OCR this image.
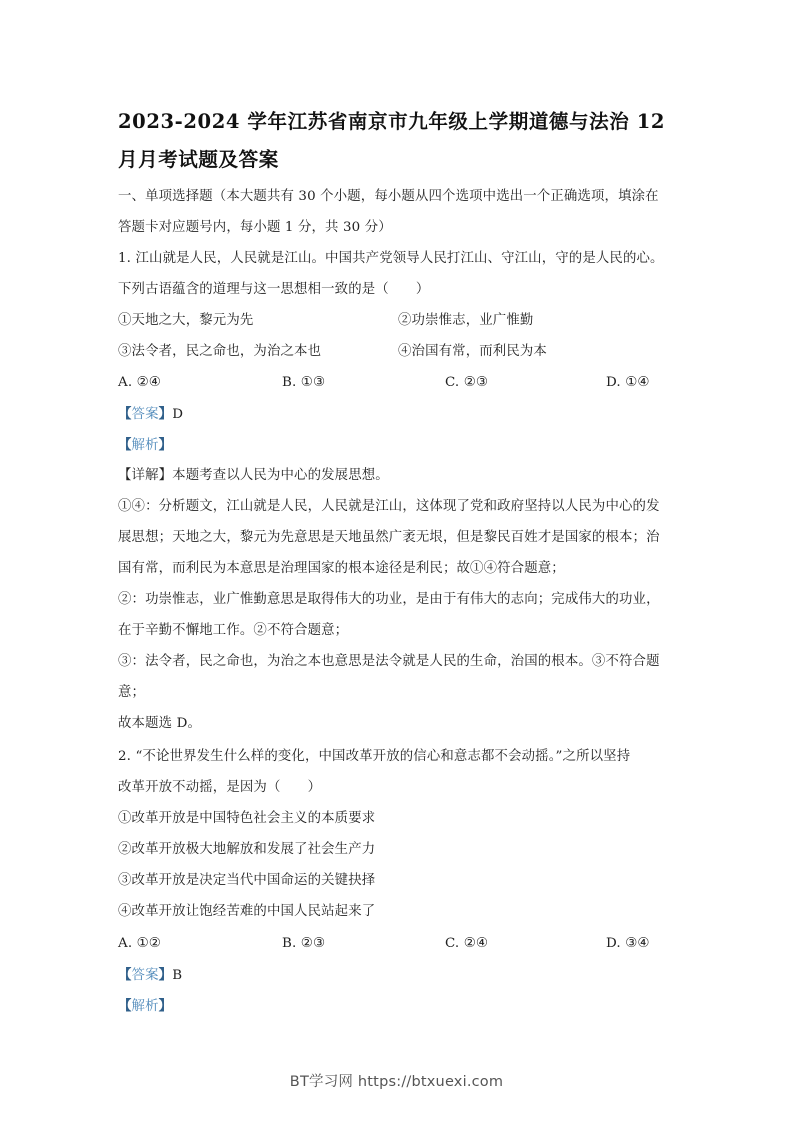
2023-2024 学年江苏省南京市九年级上学期道德与法治 12
月月考试题及答案
一、单项选择题（本大题共有 30 个小题，每小题从四个选项中选出一个正确选项，填涂在
答题卡对应题号内，每小题 1 分，共 30 分）
1. 江山就是人民，人民就是江山。中国共产党领导人民打江山、守江山，守的是人民的心。
下列古语蕴含的道理与这一思想相一致的是（　　）
①天地之大，黎元为先	②功崇惟志，业广惟勤
③法令者，民之命也，为治之本也	④治国有常，而利民为本
A. ②④	B. ①③	C. ②③	D. ①④
【答案】D
【解析】
【详解】本题考查以人民为中心的发展思想。
①④：分析题文，江山就是人民，人民就是江山，这体现了党和政府坚持以人民为中心的发
展思想；天地之大，黎元为先意思是天地虽然广袤无垠，但是黎民百姓才是国家的根本；治
国有常，而利民为本意思是治理国家的根本途径是利民；故①④符合题意；
②：功崇惟志，业广惟勤意思是取得伟大的功业，是由于有伟大的志向；完成伟大的功业，
在于辛勤不懈地工作。②不符合题意；
③：法令者，民之命也，为治之本也意思是法令就是人民的生命，治国的根本。③不符合题
意；
故本题选 D。
2. “不论世界发生什么样的变化，中国改革开放的信心和意志都不会动摇。”之所以坚持
改革开放不动摇，是因为（　　）
①改革开放是中国特色社会主义的本质要求
②改革开放极大地解放和发展了社会生产力
③改革开放是决定当代中国命运的关键抉择
④改革开放让饱经苦难的中国人民站起来了
A. ①②	B. ②③	C. ②④	D. ③④
【答案】B
【解析】
BT学习网 https://btxuexi.com
